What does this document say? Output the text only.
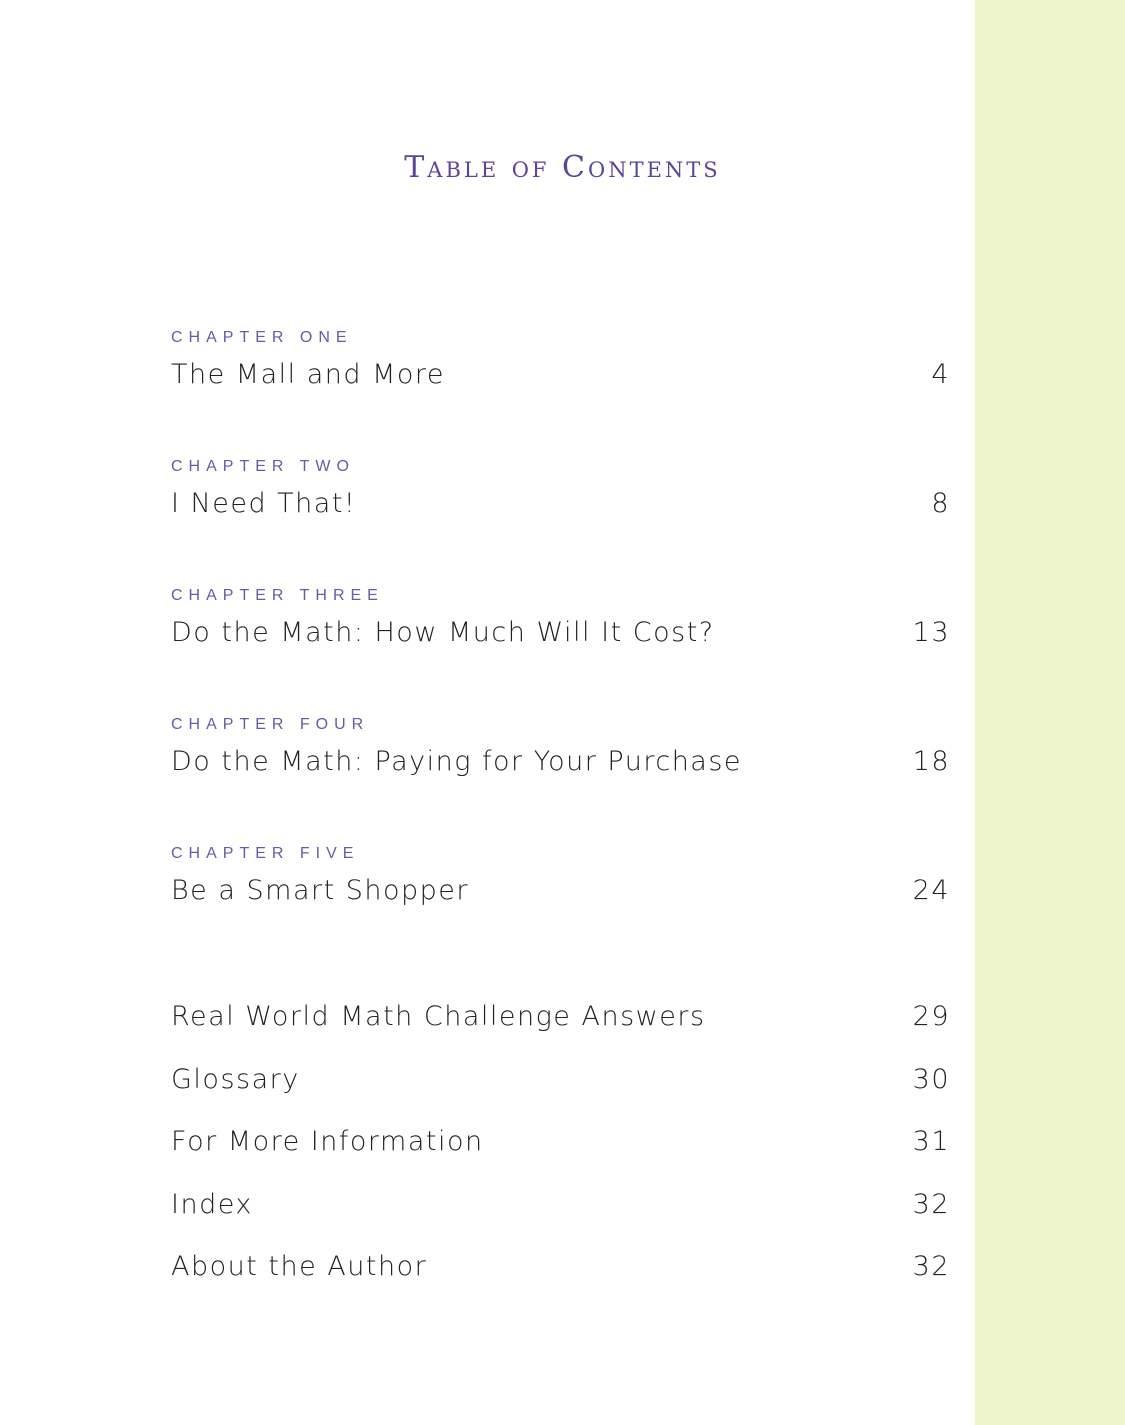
Table of Contents
CHAPTER ONE
The Mall and More	4
CHAPTER TWO
I Need That!	8
CHAPTER THREE
Do the Math: How Much Will It Cost?	13
CHAPTER FOUR
Do the Math: Paying for Your Purchase	18
CHAPTER FIVE
Be a Smart Shopper	24
Real World Math Challenge Answers	29
Glossary	30
For More Information	31
Index	32
About the Author	32
